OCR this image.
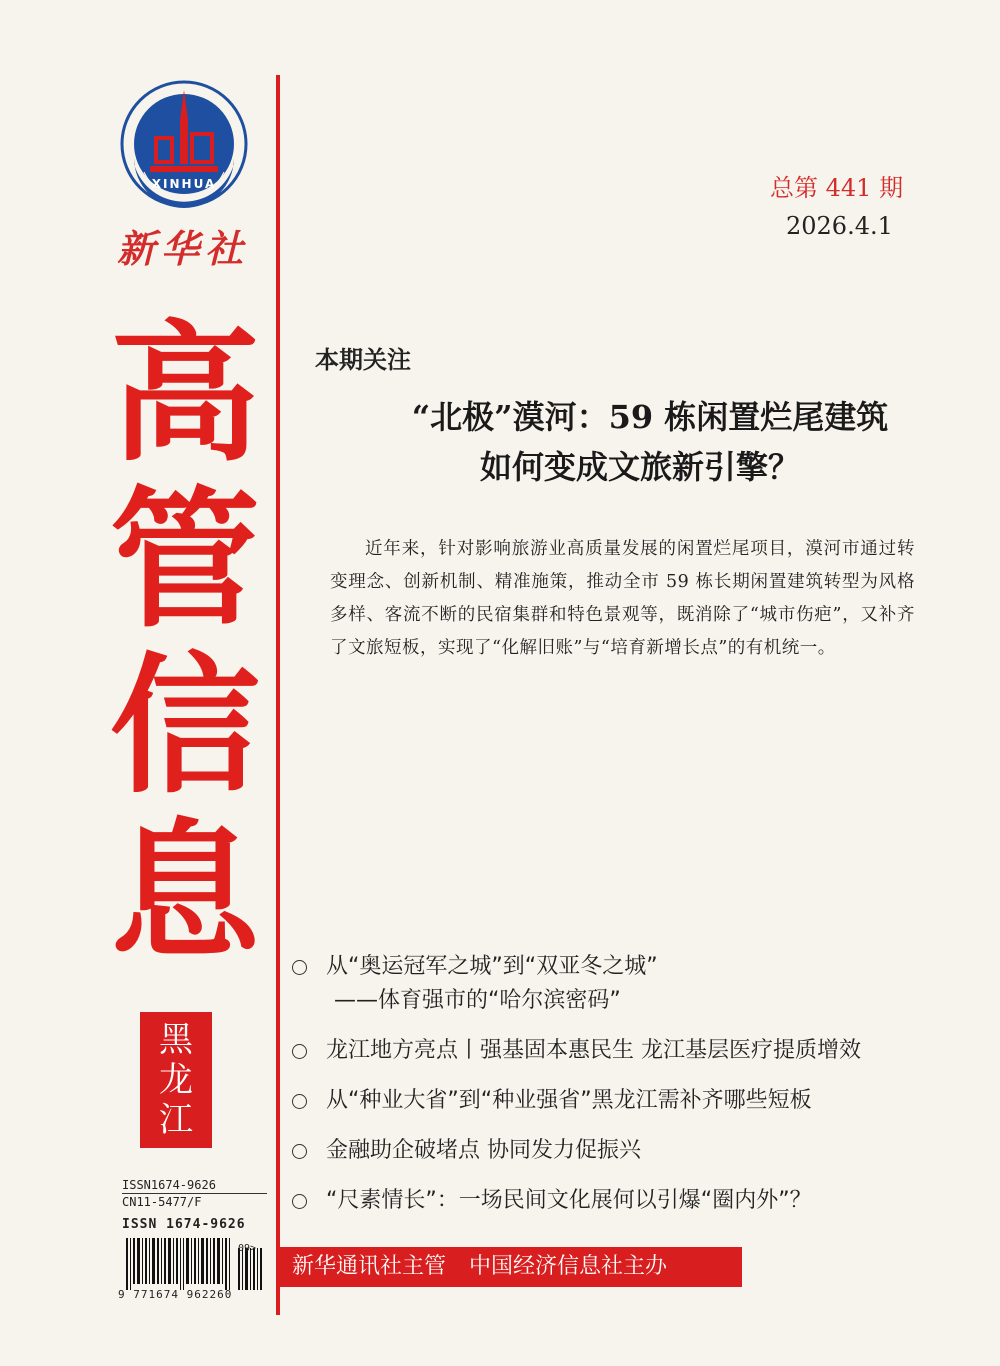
XINHUA
新华社
高
管
信
息
黑
龙
江
ISSN1674-9626
CN11-5477/F
ISSN 1674-9626
09>
9 771674 962260
总第 441 期
2026.4.1
本期关注
“北极”漠河：59 栋闲置烂尾建筑
如何变成文旅新引擎？
近年来，针对影响旅游业高质量发展的闲置烂尾项目，漠河市通过转变理念、创新机制、精准施策，推动全市 59 栋长期闲置建筑转型为风格多样、客流不断的民宿集群和特色景观等，既消除了“城市伤疤”，又补齐了文旅短板，实现了“化解旧账”与“培育新增长点”的有机统一。
从“奥运冠军之城”到“双亚冬之城”
——体育强市的“哈尔滨密码”
龙江地方亮点丨强基固本惠民生 龙江基层医疗提质增效
从“种业大省”到“种业强省”黑龙江需补齐哪些短板
金融助企破堵点 协同发力促振兴
“尺素情长”：一场民间文化展何以引爆“圈内外”？
新华通讯社主管 中国经济信息社主办
